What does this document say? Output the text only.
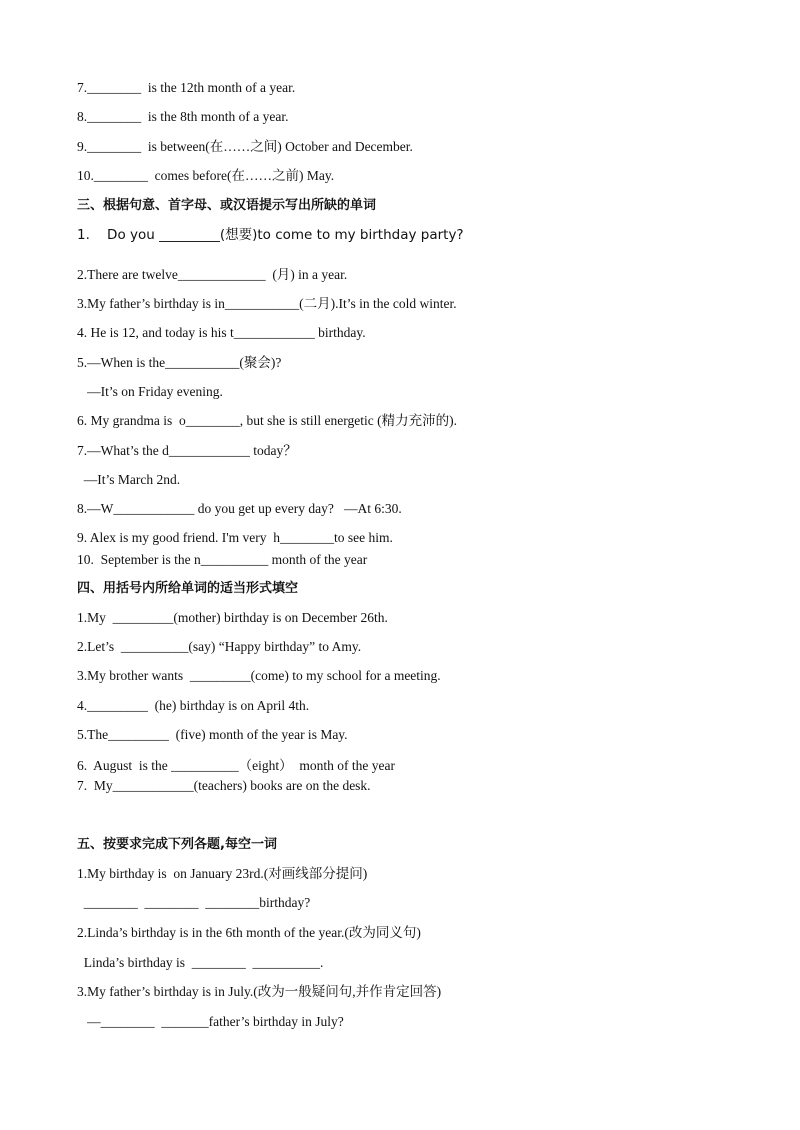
7.________  is the 12th month of a year.
8.________  is the 8th month of a year.
9.________  is between(在……之间) October and December.
10.________  comes before(在……之前) May.
三、根据句意、首字母、或汉语提示写出所缺的单词
1.    Do you _________(想要)to come to my birthday party?
2.There are twelve_____________  (月) in a year.
3.My father’s birthday is in___________(二月).It’s in the cold winter.
4. He is 12, and today is his t____________ birthday.
5.—When is the___________(聚会)?
—It’s on Friday evening.
6. My grandma is  o________, but she is still energetic (精力充沛的).
7.—What’s the d____________ today？
—It’s March 2nd.
8.—W____________ do you get up every day?   —At 6:30.
9. Alex is my good friend. I'm very  h________to see him.
10.  September is the n__________ month of the year
四、用括号内所给单词的适当形式填空
1.My  _________(mother) birthday is on December 26th.
2.Let’s  __________(say) “Happy birthday” to Amy.
3.My brother wants  _________(come) to my school for a meeting.
4._________  (he) birthday is on April 4th.
5.The_________  (five) month of the year is May.
6.  August  is the __________（eight）  month of the year
7.  My____________(teachers) books are on the desk.
五、按要求完成下列各题,每空一词
1.My birthday is  on January 23rd.(对画线部分提问)
________  ________  ________birthday?
2.Linda’s birthday is in the 6th month of the year.(改为同义句)
Linda’s birthday is  ________  __________.
3.My father’s birthday is in July.(改为一般疑问句,并作肯定回答)
—________  _______father’s birthday in July?
